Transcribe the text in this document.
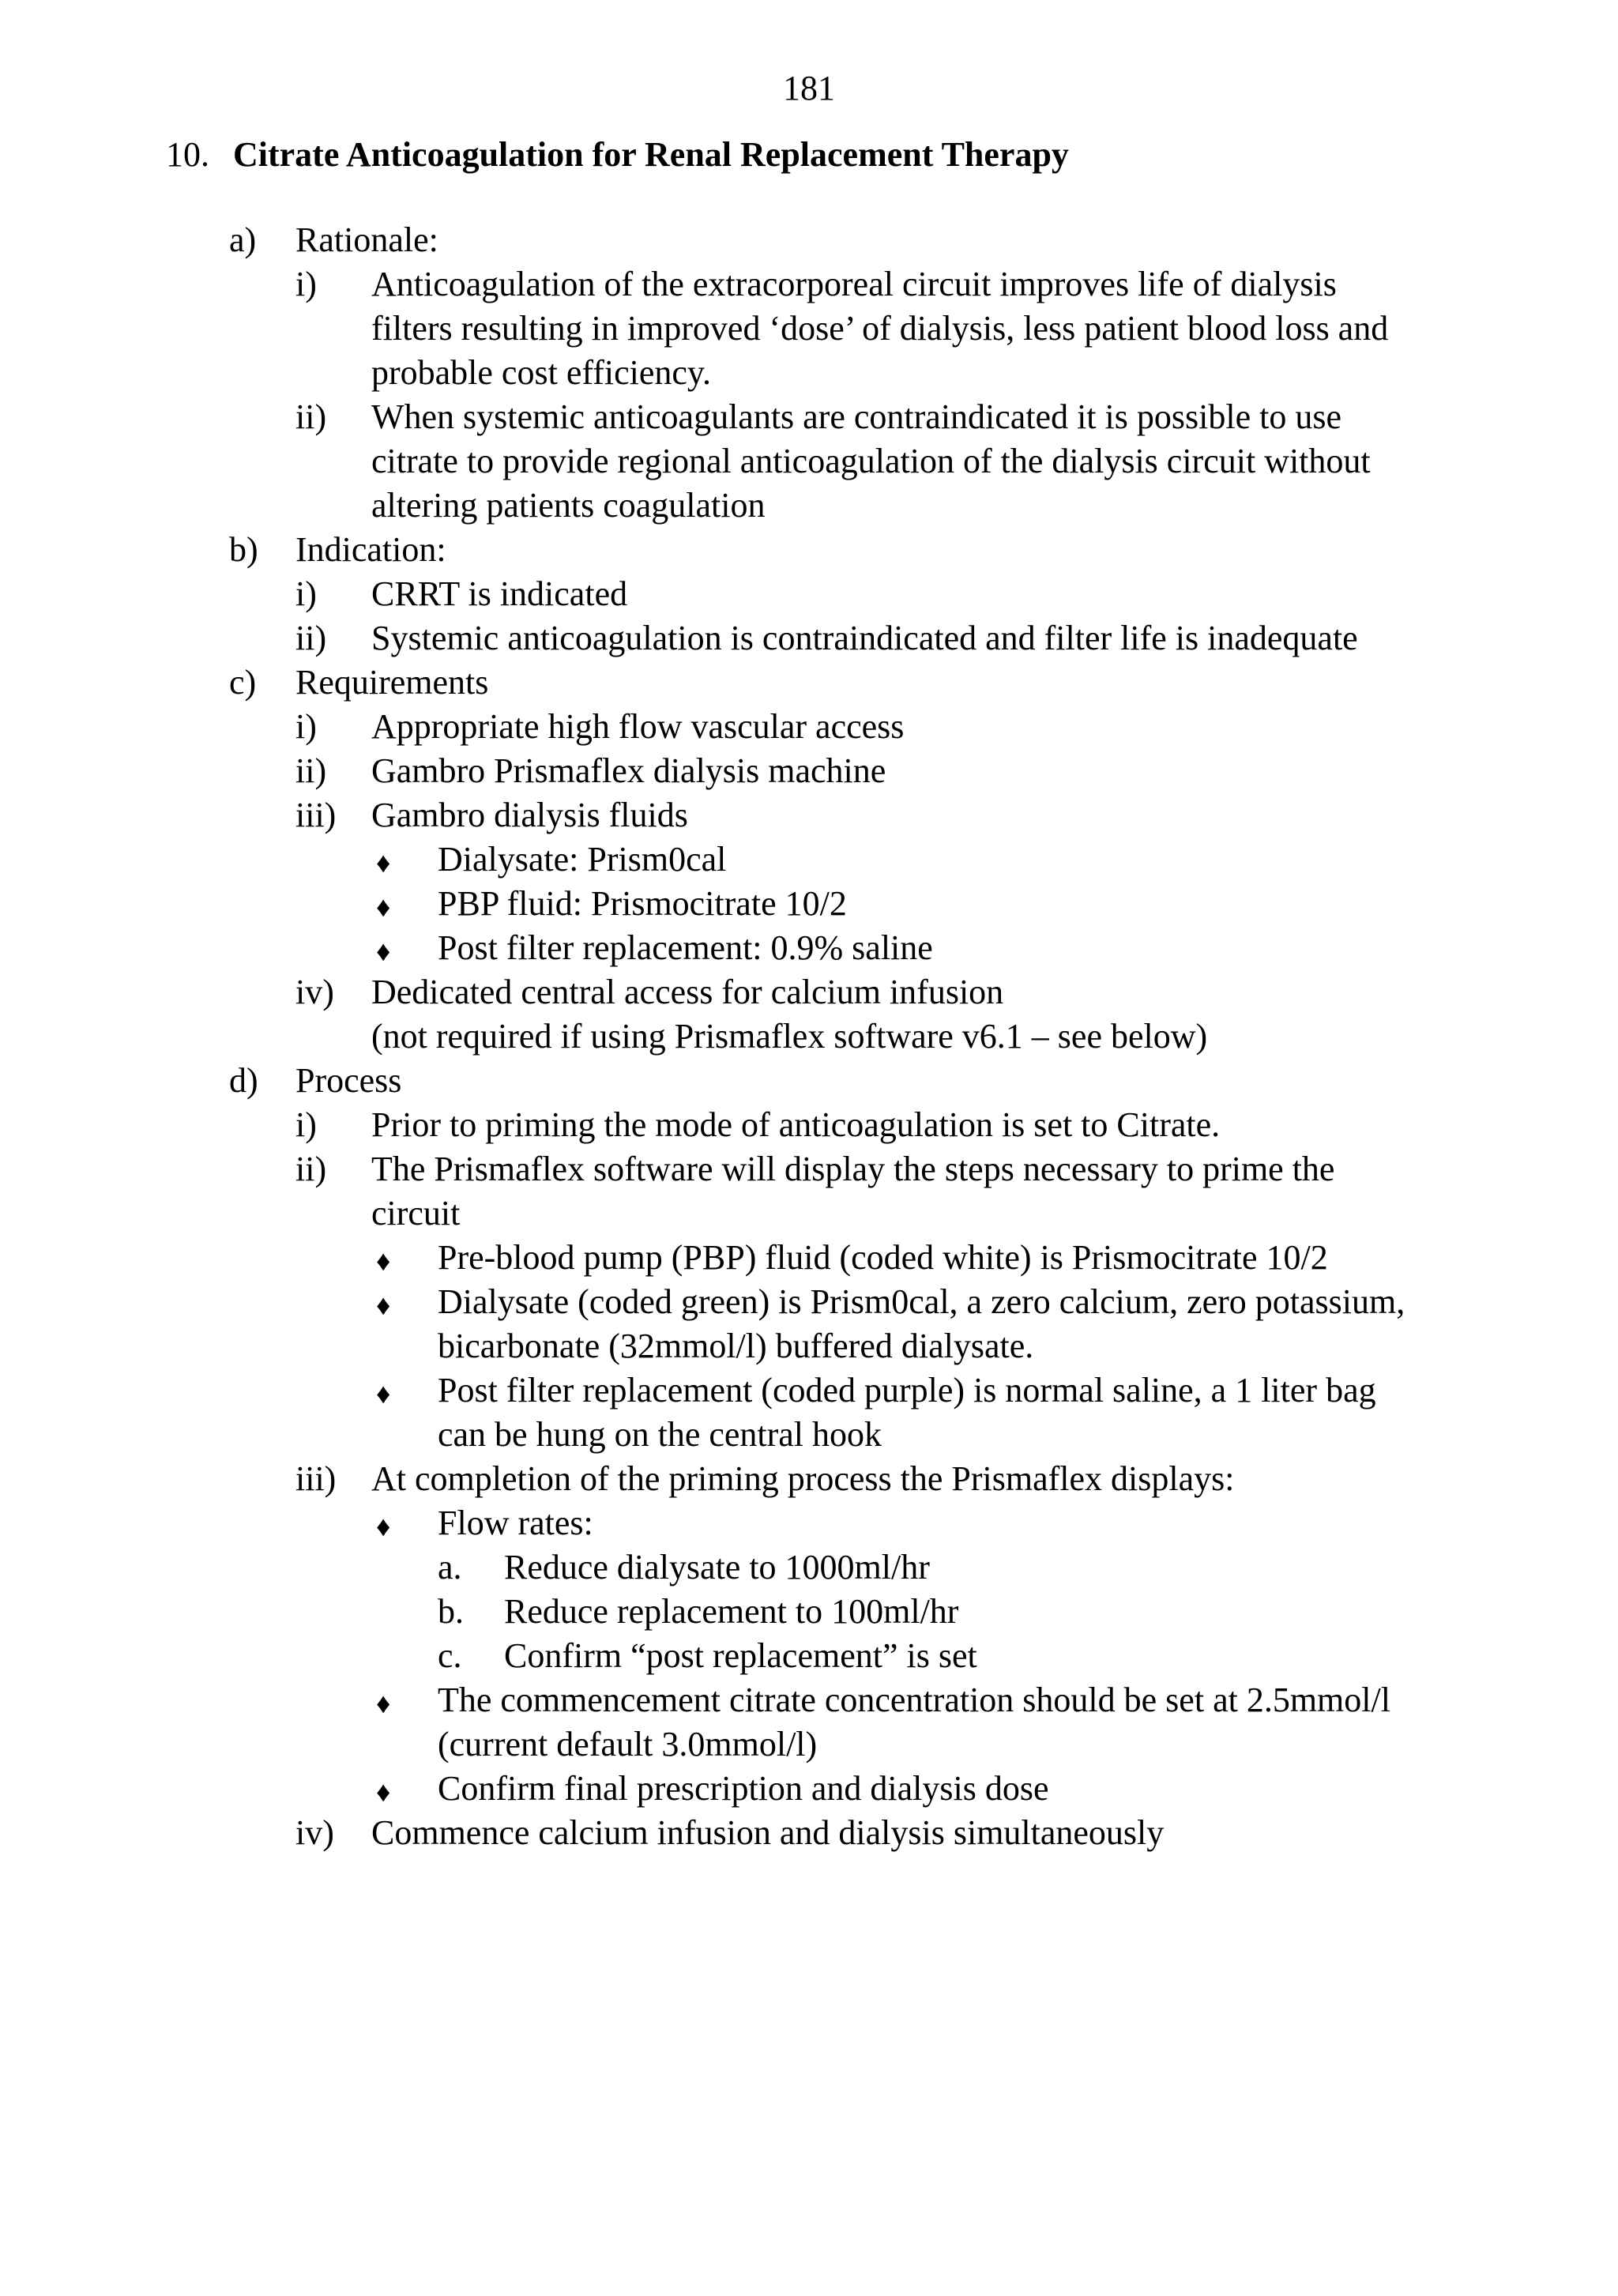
181
10. Citrate Anticoagulation for Renal Replacement Therapy
a) Rationale:
i) Anticoagulation of the extracorporeal circuit improves life of dialysis
filters resulting in improved ‘dose’ of dialysis, less patient blood loss and
probable cost efficiency.
ii) When systemic anticoagulants are contraindicated it is possible to use
citrate to provide regional anticoagulation of the dialysis circuit without
altering patients coagulation
b) Indication:
i) CRRT is indicated
ii) Systemic anticoagulation is contraindicated and filter life is inadequate
c) Requirements
i) Appropriate high flow vascular access
ii) Gambro Prismaflex dialysis machine
iii) Gambro dialysis fluids
♦ Dialysate: Prism0cal
♦ PBP fluid: Prismocitrate 10/2
♦ Post filter replacement: 0.9% saline
iv) Dedicated central access for calcium infusion
(not required if using Prismaflex software v6.1 – see below)
d) Process
i) Prior to priming the mode of anticoagulation is set to Citrate.
ii) The Prismaflex software will display the steps necessary to prime the
circuit
♦ Pre-blood pump (PBP) fluid (coded white) is Prismocitrate 10/2
♦ Dialysate (coded green) is Prism0cal, a zero calcium, zero potassium,
bicarbonate (32mmol/l) buffered dialysate.
♦ Post filter replacement (coded purple) is normal saline, a 1 liter bag
can be hung on the central hook
iii) At completion of the priming process the Prismaflex displays:
♦ Flow rates:
a. Reduce dialysate to 1000ml/hr
b. Reduce replacement to 100ml/hr
c. Confirm “post replacement” is set
♦ The commencement citrate concentration should be set at 2.5mmol/l
(current default 3.0mmol/l)
♦ Confirm final prescription and dialysis dose
iv) Commence calcium infusion and dialysis simultaneously
